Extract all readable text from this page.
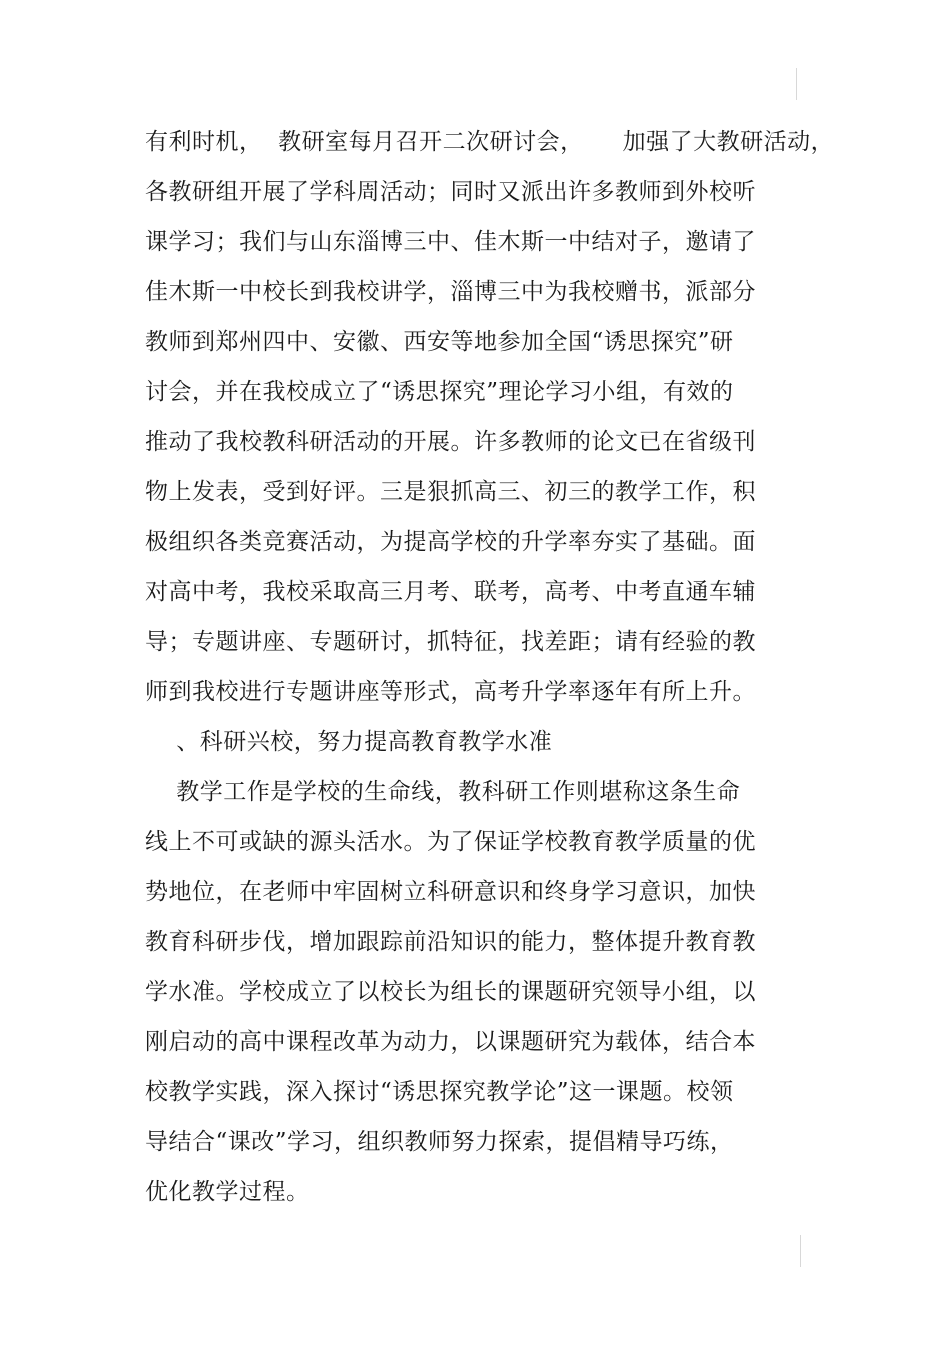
有利时机，  教研室每月召开二次研讨会，     加强了大教研活动，
各教研组开展了学科周活动；同时又派出许多教师到外校听
课学习；我们与山东淄博三中、佳木斯一中结对子，邀请了
佳木斯一中校长到我校讲学，淄博三中为我校赠书，派部分
教师到郑州四中、安徽、西安等地参加全国“诱思探究”研
讨会，并在我校成立了“诱思探究”理论学习小组，有效的
推动了我校教科研活动的开展。许多教师的论文已在省级刊
物上发表，受到好评。三是狠抓高三、初三的教学工作，积
极组织各类竞赛活动，为提高学校的升学率夯实了基础。面
对高中考，我校采取高三月考、联考，高考、中考直通车辅
导；专题讲座、专题研讨，抓特征，找差距；请有经验的教
师到我校进行专题讲座等形式，高考升学率逐年有所上升。
、科研兴校，努力提高教育教学水准
教学工作是学校的生命线，教科研工作则堪称这条生命
线上不可或缺的源头活水。为了保证学校教育教学质量的优
势地位，在老师中牢固树立科研意识和终身学习意识，加快
教育科研步伐，增加跟踪前沿知识的能力，整体提升教育教
学水准。学校成立了以校长为组长的课题研究领导小组，以
刚启动的高中课程改革为动力，以课题研究为载体，结合本
校教学实践，深入探讨“诱思探究教学论”这一课题。校领
导结合“课改”学习，组织教师努力探索，提倡精导巧练，
优化教学过程。
